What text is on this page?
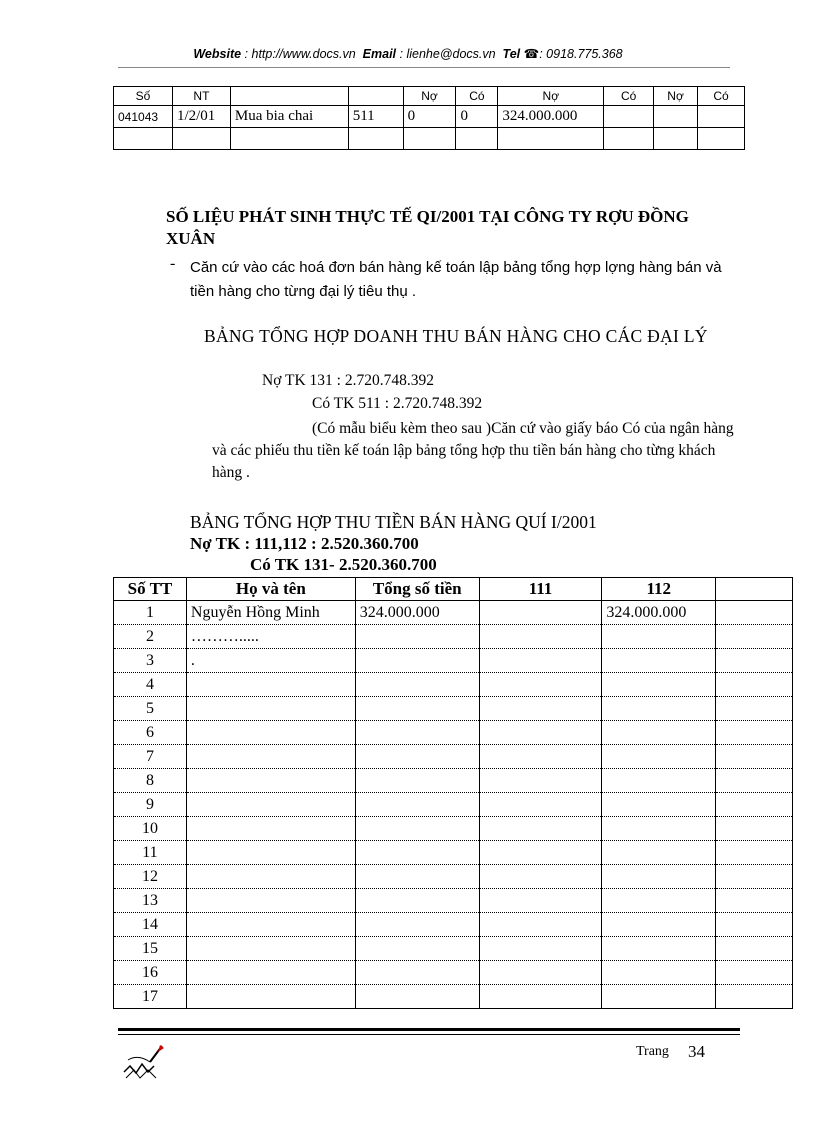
Website : http://www.docs.vn Email : lienhe@docs.vn Tel ☎: 0918.775.368
Số	NT			Nợ	Có	Nợ	Có	Nợ	Có
041043	1/2/01	Mua bia chai	511	0	0	324.000.000			

SỐ LIỆU PHÁT SINH THỰC TẾ QI/2001 TẠI CÔNG TY RỢU ĐỒNG XUÂN
- Căn cứ vào các hoá đơn bán hàng kế toán lập bảng tổng hợp lợng hàng bán và tiền hàng cho từng đại lý tiêu thụ .
BẢNG TỔNG HỢP DOANH THU BÁN HÀNG CHO CÁC ĐẠI LÝ
Nợ TK 131 : 2.720.748.392
Có TK 511 : 2.720.748.392
(Có mẫu biểu kèm theo sau )Căn cứ vào giấy báo Có của ngân hàng và các phiếu thu tiền kế toán lập bảng tổng hợp thu tiền bán hàng cho từng khách hàng .
BẢNG TỔNG HỢP THU TIỀN BÁN HÀNG QUÍ I/2001
Nợ TK : 111,112 : 2.520.360.700
Có TK 131- 2.520.360.700
Số TT	Họ và tên	Tổng số tiền	111	112	
1	Nguyễn Hồng Minh	324.000.000		324.000.000	
2	……….....				
3	.				
4					
5					
6					
7					
8					
9					
10					
11					
12					
13					
14					
15					
16					
17					
Trang 34
